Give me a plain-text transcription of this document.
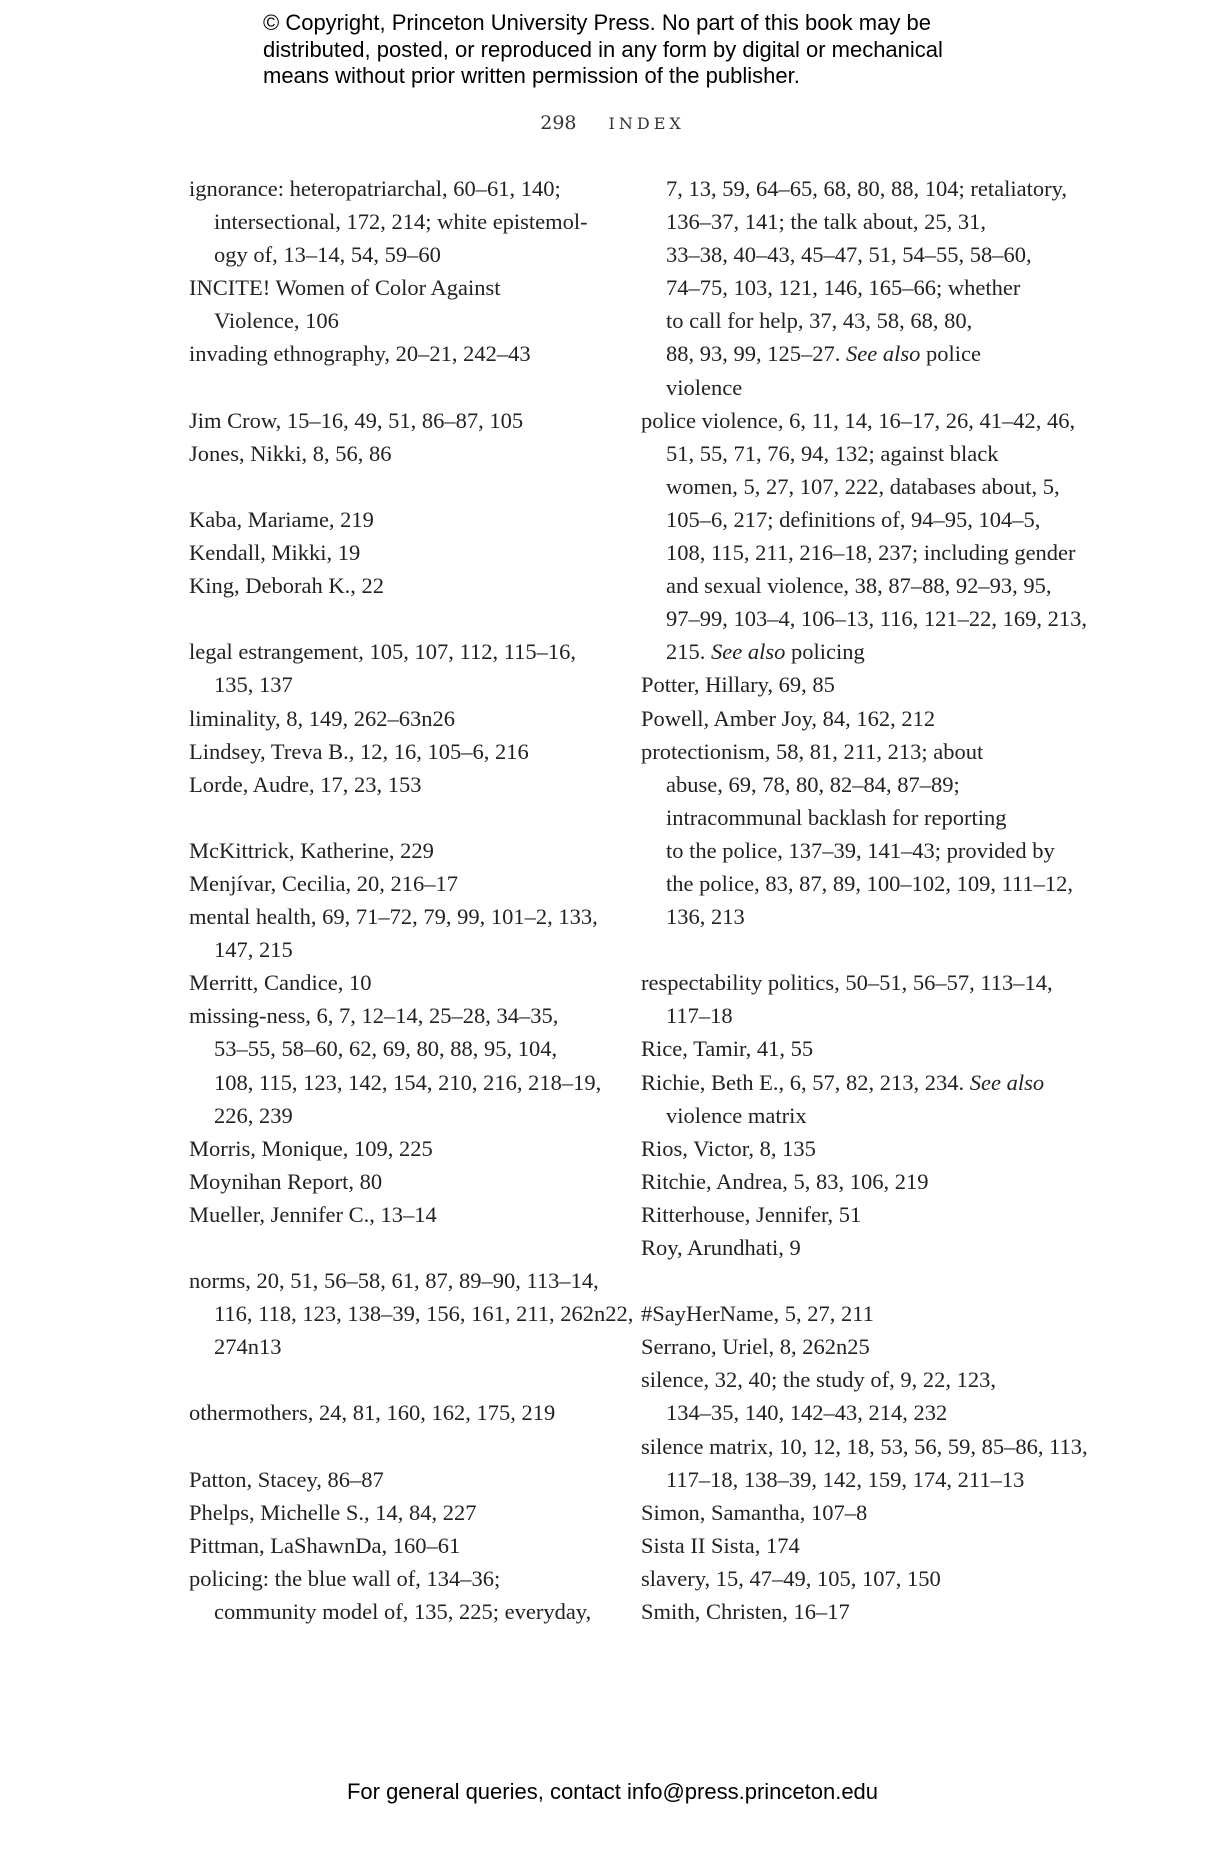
© Copyright, Princeton University Press. No part of this book may be
distributed, posted, or reproduced in any form by digital or mechanical
means without prior written permission of the publisher.
298 INDEX
ignorance: heteropatriarchal, 60–61, 140;
intersectional, 172, 214; white epistemol-
ogy of, 13–14, 54, 59–60
INCITE! Women of Color Against
Violence, 106
invading ethnography, 20–21, 242–43
Jim Crow, 15–16, 49, 51, 86–87, 105
Jones, Nikki, 8, 56, 86
Kaba, Mariame, 219
Kendall, Mikki, 19
King, Deborah K., 22
legal estrangement, 105, 107, 112, 115–16,
135, 137
liminality, 8, 149, 262–63n26
Lindsey, Treva B., 12, 16, 105–6, 216
Lorde, Audre, 17, 23, 153
McKittrick, Katherine, 229
Menjívar, Cecilia, 20, 216–17
mental health, 69, 71–72, 79, 99, 101–2, 133,
147, 215
Merritt, Candice, 10
missing-ness, 6, 7, 12–14, 25–28, 34–35,
53–55, 58–60, 62, 69, 80, 88, 95, 104,
108, 115, 123, 142, 154, 210, 216, 218–19,
226, 239
Morris, Monique, 109, 225
Moynihan Report, 80
Mueller, Jennifer C., 13–14
norms, 20, 51, 56–58, 61, 87, 89–90, 113–14,
116, 118, 123, 138–39, 156, 161, 211, 262n22,
274n13
othermothers, 24, 81, 160, 162, 175, 219
Patton, Stacey, 86–87
Phelps, Michelle S., 14, 84, 227
Pittman, LaShawnDa, 160–61
policing: the blue wall of, 134–36;
community model of, 135, 225; everyday,
7, 13, 59, 64–65, 68, 80, 88, 104; retaliatory,
136–37, 141; the talk about, 25, 31,
33–38, 40–43, 45–47, 51, 54–55, 58–60,
74–75, 103, 121, 146, 165–66; whether
to call for help, 37, 43, 58, 68, 80,
88, 93, 99, 125–27. See also police
violence
police violence, 6, 11, 14, 16–17, 26, 41–42, 46,
51, 55, 71, 76, 94, 132; against black
women, 5, 27, 107, 222, databases about, 5,
105–6, 217; definitions of, 94–95, 104–5,
108, 115, 211, 216–18, 237; including gender
and sexual violence, 38, 87–88, 92–93, 95,
97–99, 103–4, 106–13, 116, 121–22, 169, 213,
215. See also policing
Potter, Hillary, 69, 85
Powell, Amber Joy, 84, 162, 212
protectionism, 58, 81, 211, 213; about
abuse, 69, 78, 80, 82–84, 87–89;
intracommunal backlash for reporting
to the police, 137–39, 141–43; provided by
the police, 83, 87, 89, 100–102, 109, 111–12,
136, 213
respectability politics, 50–51, 56–57, 113–14,
117–18
Rice, Tamir, 41, 55
Richie, Beth E., 6, 57, 82, 213, 234. See also
violence matrix
Rios, Victor, 8, 135
Ritchie, Andrea, 5, 83, 106, 219
Ritterhouse, Jennifer, 51
Roy, Arundhati, 9
#SayHerName, 5, 27, 211
Serrano, Uriel, 8, 262n25
silence, 32, 40; the study of, 9, 22, 123,
134–35, 140, 142–43, 214, 232
silence matrix, 10, 12, 18, 53, 56, 59, 85–86, 113,
117–18, 138–39, 142, 159, 174, 211–13
Simon, Samantha, 107–8
Sista II Sista, 174
slavery, 15, 47–49, 105, 107, 150
Smith, Christen, 16–17
For general queries, contact info@press.princeton.edu
